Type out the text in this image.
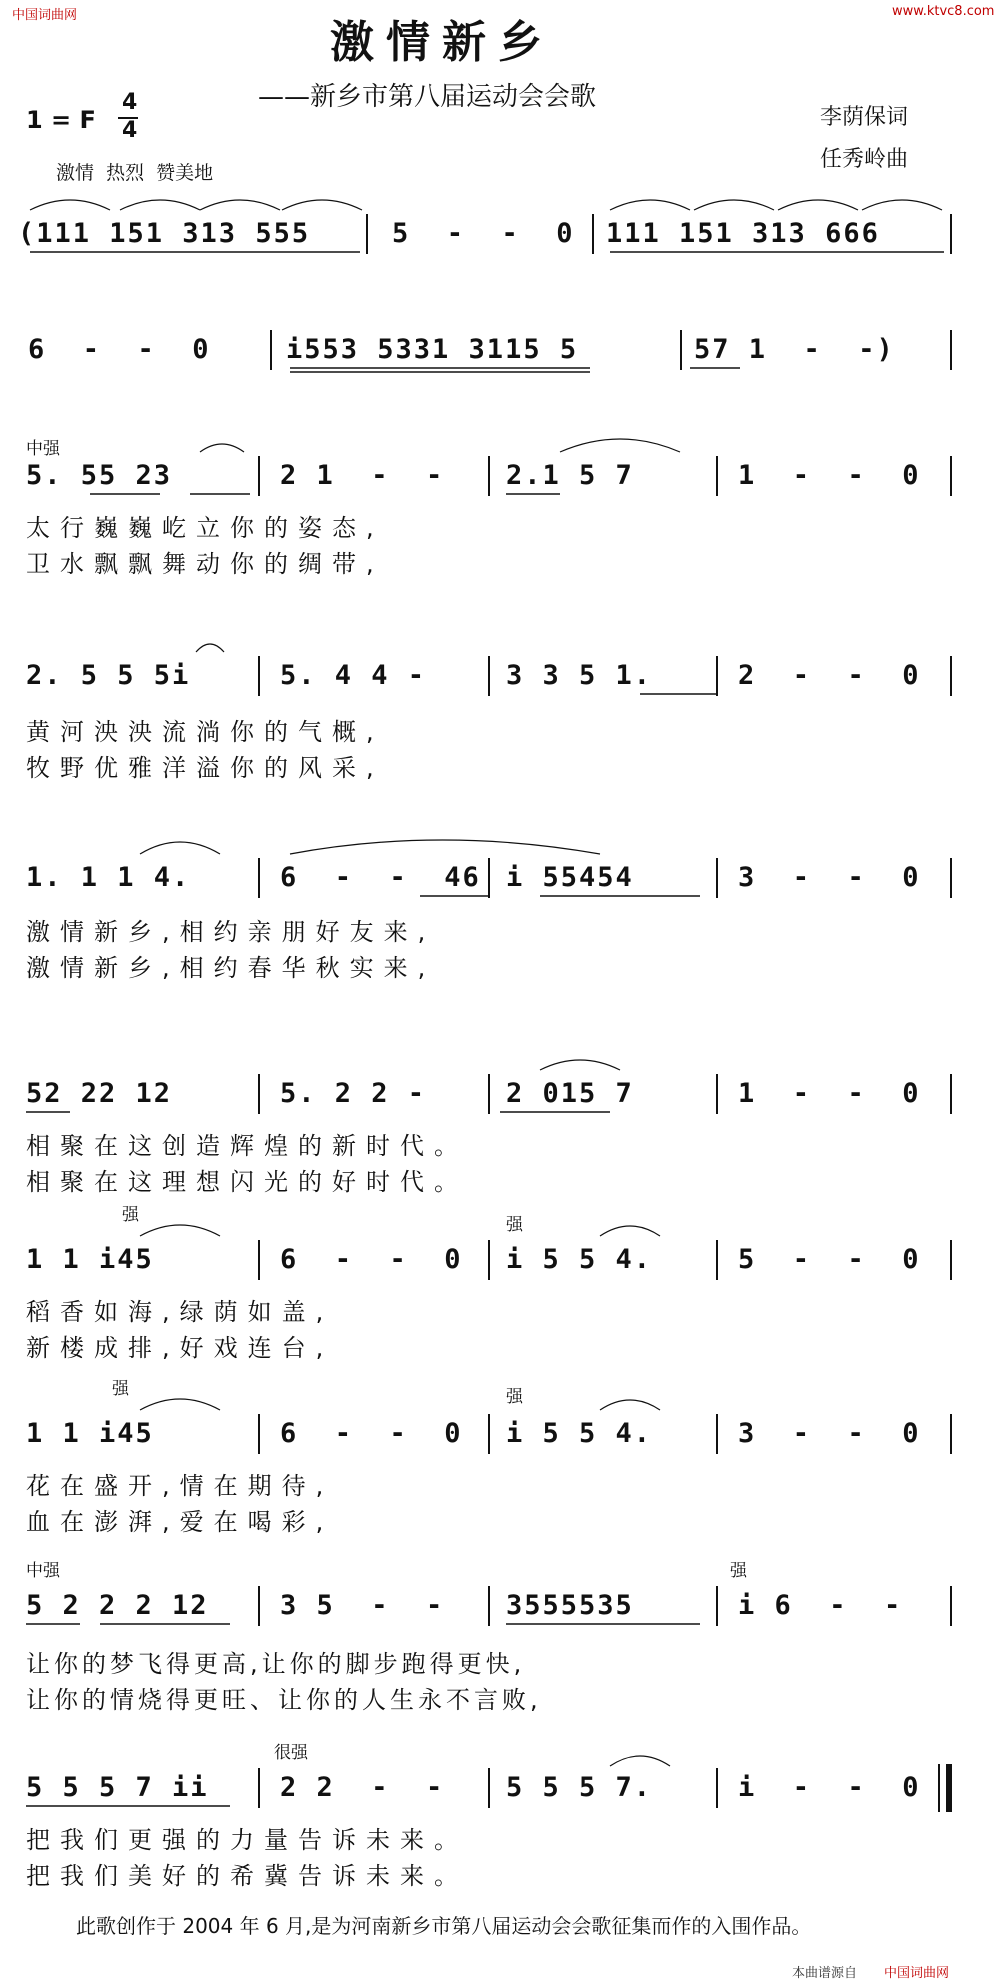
中国词曲网	www.ktvc8.com
激情新乡
——新乡市第八届运动会会歌
1 = F
4
4
李荫保词
任秀岭曲
激情  热烈  赞美地
(111 151 313 555	5  -  -  0 111 151 313 666
6  -  -  0	i553 5331 3115 5	57 1  -  -)
中强
5. 55 23	2 1  -  - 2.1 5 7	1  -  -  0
太行巍巍屹立你的姿态,
卫水飘飘舞动你的绸带,
2. 5 5 5i	5. 4 4 -	3 3 5 1.	2  -  -  0
黄河泱泱流淌你的气概,
牧野优雅洋溢你的风采,
1. 1 1 4.	6  -  -  46 i 55454	3  -  -  0
激情新乡,相约亲朋好友来,
激情新乡,相约春华秋实来,
52 22 12	5. 2 2 -	2 015 7	1  -  -  0
相聚在这创造辉煌的新时代。
相聚在这理想闪光的好时代。
强	强
1 1 i45	6  -  -  0 i 5 5 4.	5  -  -  0
稻香如海,绿荫如盖,
新楼成排,好戏连台,
强	强
1 1 i45	6  -  -  0 i 5 5 4.	3  -  -  0
花在盛开,情在期待,
血在澎湃,爱在喝彩,
中强	强
5 2 2 2 12	3 5  -  - 3555535	i 6  -  -
让你的梦飞得更高,让你的脚步跑得更快,
让你的情烧得更旺、让你的人生永不言败,
很强
5 5 5 7 ii	2 2  -  - 5 5 5 7.	i  -  -  0
把我们更强的力量告诉未来。
把我们美好的希冀告诉未来。
此歌创作于 2004 年 6 月,是为河南新乡市第八届运动会会歌征集而作的入围作品。
本曲谱源自 中国词曲网
